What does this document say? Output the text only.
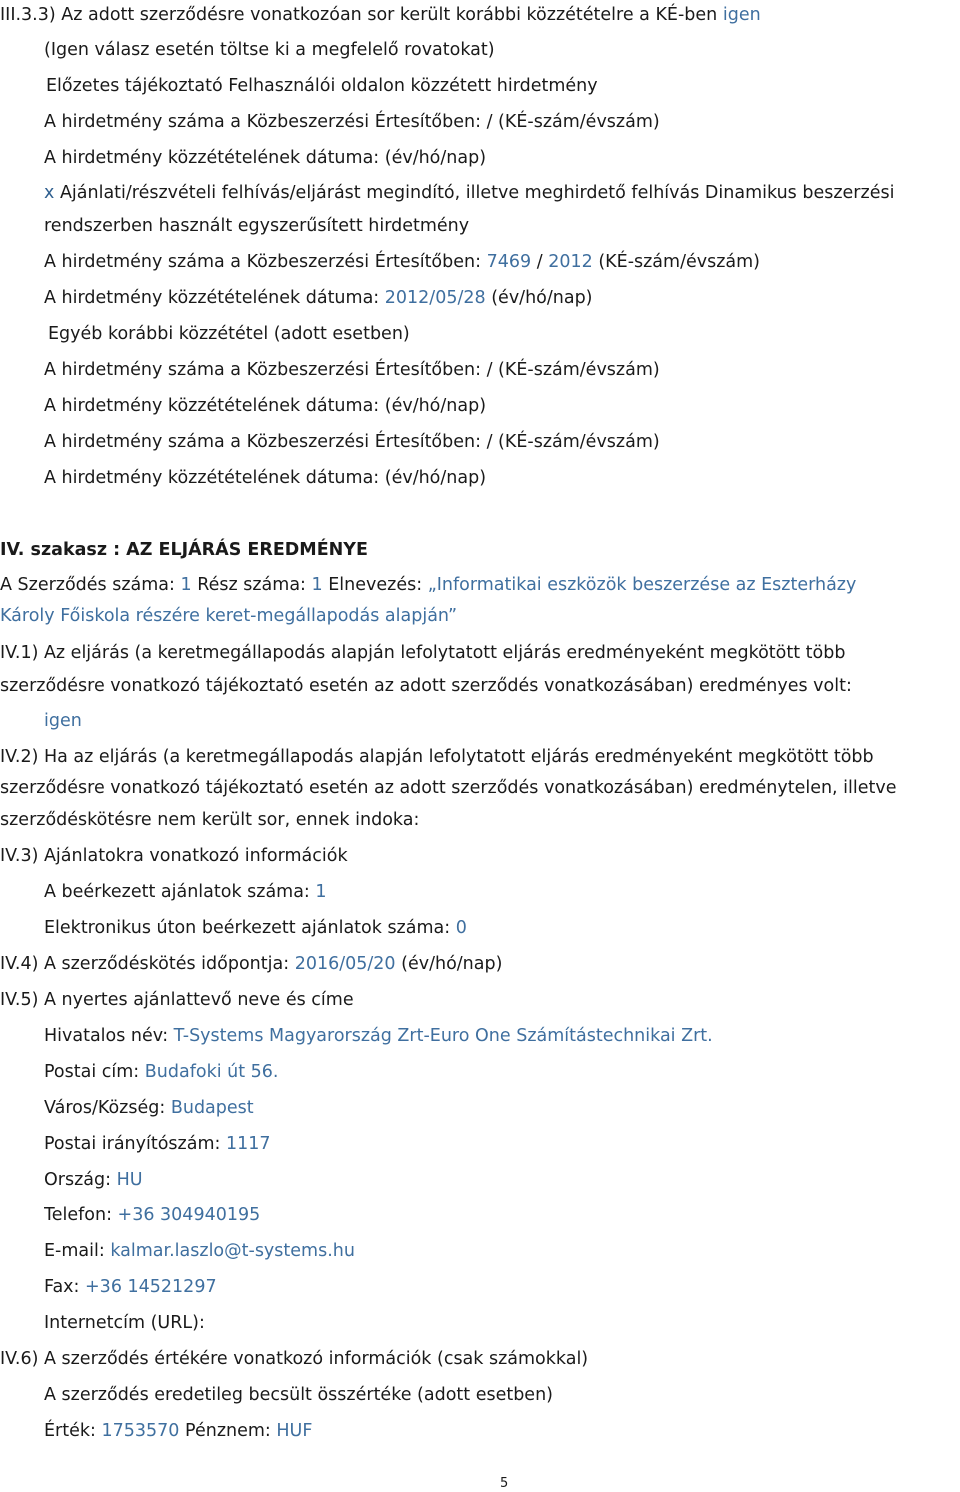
III.3.3) Az adott szerződésre vonatkozóan sor került korábbi közzétételre a KÉ-ben igen
(Igen válasz esetén töltse ki a megfelelő rovatokat)
Előzetes tájékoztató Felhasználói oldalon közzétett hirdetmény
A hirdetmény száma a Közbeszerzési Értesítőben: / (KÉ-szám/évszám)
A hirdetmény közzétételének dátuma: (év/hó/nap)
x Ajánlati/részvételi felhívás/eljárást megindító, illetve meghirdető felhívás Dinamikus beszerzési
rendszerben használt egyszerűsített hirdetmény
A hirdetmény száma a Közbeszerzési Értesítőben: 7469 / 2012 (KÉ-szám/évszám)
A hirdetmény közzétételének dátuma: 2012/05/28 (év/hó/nap)
Egyéb korábbi közzététel (adott esetben)
A hirdetmény száma a Közbeszerzési Értesítőben: / (KÉ-szám/évszám)
A hirdetmény közzétételének dátuma: (év/hó/nap)
A hirdetmény száma a Közbeszerzési Értesítőben: / (KÉ-szám/évszám)
A hirdetmény közzétételének dátuma: (év/hó/nap)
IV. szakasz : AZ ELJÁRÁS EREDMÉNYE
A Szerződés száma: 1 Rész száma: 1 Elnevezés: „Informatikai eszközök beszerzése az Eszterházy
Károly Főiskola részére keret-megállapodás alapján”
IV.1) Az eljárás (a keretmegállapodás alapján lefolytatott eljárás eredményeként megkötött több
szerződésre vonatkozó tájékoztató esetén az adott szerződés vonatkozásában) eredményes volt:
igen
IV.2) Ha az eljárás (a keretmegállapodás alapján lefolytatott eljárás eredményeként megkötött több
szerződésre vonatkozó tájékoztató esetén az adott szerződés vonatkozásában) eredménytelen, illetve
szerződéskötésre nem került sor, ennek indoka:
IV.3) Ajánlatokra vonatkozó információk
A beérkezett ajánlatok száma: 1
Elektronikus úton beérkezett ajánlatok száma: 0
IV.4) A szerződéskötés időpontja: 2016/05/20 (év/hó/nap)
IV.5) A nyertes ajánlattevő neve és címe
Hivatalos név: T-Systems Magyarország Zrt-Euro One Számítástechnikai Zrt.
Postai cím: Budafoki út 56.
Város/Község: Budapest
Postai irányítószám: 1117
Ország: HU
Telefon: +36 304940195
E-mail: kalmar.laszlo@t-systems.hu
Fax: +36 14521297
Internetcím (URL):
IV.6) A szerződés értékére vonatkozó információk (csak számokkal)
A szerződés eredetileg becsült összértéke (adott esetben)
Érték: 1753570 Pénznem: HUF
5
